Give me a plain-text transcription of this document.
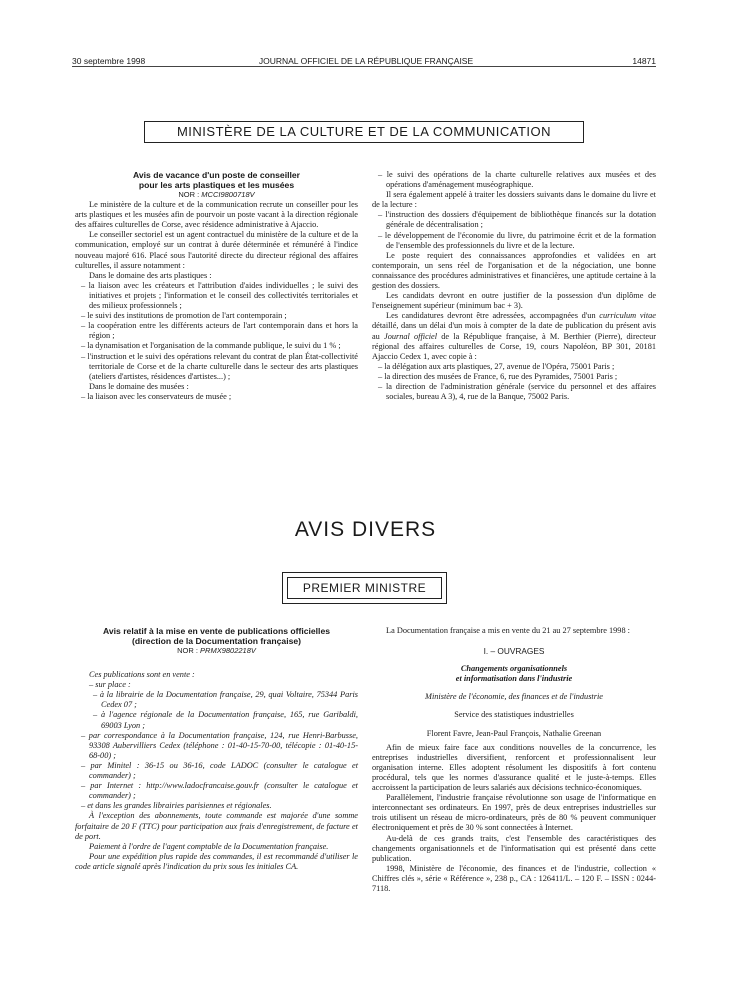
30 septembre 1998	JOURNAL OFFICIEL DE LA RÉPUBLIQUE FRANÇAISE	14871
MINISTÈRE DE LA CULTURE ET DE LA COMMUNICATION

Avis de vacance d'un poste de conseiller

pour les arts plastiques et les musées

NOR : MCCI9800718V

Le ministère de la culture et de la communication recrute un conseiller pour les arts plastiques et les musées afin de pourvoir un poste vacant à la direction régionale des affaires culturelles de Corse, avec résidence administrative à Ajaccio.

Le conseiller sectoriel est un agent contractuel du ministère de la culture et de la communication, employé sur un contrat à durée déterminée et rémunéré à l'indice nouveau majoré 616. Placé sous l'autorité directe du directeur régional des affaires culturelles, il assure notamment :

Dans le domaine des arts plastiques :

– la liaison avec les créateurs et l'attribution d'aides individuelles ; le suivi des initiatives et projets ; l'information et le conseil des collectivités territoriales et des milieux professionnels ;

– le suivi des institutions de promotion de l'art contemporain ;

– la coopération entre les différents acteurs de l'art contemporain dans et hors la région ;

– la dynamisation et l'organisation de la commande publique, le suivi du 1 % ;

– l'instruction et le suivi des opérations relevant du contrat de plan État-collectivité territoriale de Corse et de la charte culturelle dans le secteur des arts plastiques (ateliers d'artistes, résidences d'artistes...) ;

Dans le domaine des musées :

– la liaison avec les conservateurs de musée ;

– le suivi des opérations de la charte culturelle relatives aux musées et des opérations d'aménagement muséographique.

Il sera également appelé à traiter les dossiers suivants dans le domaine du livre et de la lecture :

– l'instruction des dossiers d'équipement de bibliothèque financés sur la dotation générale de décentralisation ;

– le développement de l'économie du livre, du patrimoine écrit et de la formation de l'ensemble des professionnels du livre et de la lecture.

Le poste requiert des connaissances approfondies et validées en art contemporain, un sens réel de l'organisation et de la négociation, une bonne connaissance des procédures administratives et financières, une aptitude certaine à la gestion des dossiers.

Les candidats devront en outre justifier de la possession d'un diplôme de l'enseignement supérieur (minimum bac + 3).

Les candidatures devront être adressées, accompagnées d'un curriculum vitae détaillé, dans un délai d'un mois à compter de la date de publication du présent avis au Journal officiel de la République française, à M. Berthier (Pierre), directeur régional des affaires culturelles de Corse, 19, cours Napoléon, BP 301, 20181 Ajaccio Cedex 1, avec copie à :

– la délégation aux arts plastiques, 27, avenue de l'Opéra, 75001 Paris ;

– la direction des musées de France, 6, rue des Pyramides, 75001 Paris ;

– la direction de l'administration générale (service du personnel et des affaires sociales, bureau A 3), 4, rue de la Banque, 75002 Paris.

AVIS DIVERS
PREMIER MINISTRE

Avis relatif à la mise en vente de publications officielles

(direction de la Documentation française)

NOR : PRMX9802218V

Ces publications sont en vente :

– sur place :

– à la librairie de la Documentation française, 29, quai Voltaire, 75344 Paris Cedex 07 ;

– à l'agence régionale de la Documentation française, 165, rue Garibaldi, 69003 Lyon ;

– par correspondance à la Documentation française, 124, rue Henri-Barbusse, 93308 Aubervilliers Cedex (téléphone : 01-40-15-70-00, télécopie : 01-40-15-68-00) ;

– par Minitel : 36-15 ou 36-16, code LADOC (consulter le catalogue et commander) ;

– par Internet : http://www.ladocfrancaise.gouv.fr (consulter le catalogue et commander) ;

– et dans les grandes librairies parisiennes et régionales.

À l'exception des abonnements, toute commande est majorée d'une somme forfaitaire de 20 F (TTC) pour participation aux frais d'enregistrement, de facture et de port.

Paiement à l'ordre de l'agent comptable de la Documentation française.

Pour une expédition plus rapide des commandes, il est recommandé d'utiliser le code article signalé après l'indication du prix sous les initiales CA.

La Documentation française a mis en vente du 21 au 27 septembre 1998 :

I. – OUVRAGES

Changements organisationnels

et informatisation dans l'industrie

Ministère de l'économie, des finances et de l'industrie

Service des statistiques industrielles

Florent Favre, Jean-Paul François, Nathalie Greenan

Afin de mieux faire face aux conditions nouvelles de la concurrence, les entreprises industrielles diversifient, renforcent et professionnalisent leur organisation interne. Elles adoptent résolument les dispositifs à fort contenu procédural, tels que les normes d'assurance qualité et le juste-à-temps. Elles accroissent la participation de leurs salariés aux décisions technico-économiques.

Parallèlement, l'industrie française révolutionne son usage de l'informatique en interconnectant ses ordinateurs. En 1997, près de deux entreprises industrielles sur trois utilisent un réseau de micro-ordinateurs, près de 80 % peuvent communiquer électroniquement et près de 30 % sont connectées à Internet.

Au-delà de ces grands traits, c'est l'ensemble des caractéristiques des changements organisationnels et de l'informatisation qui est présenté dans cette publication.

1998, Ministère de l'économie, des finances et de l'industrie, collection « Chiffres clés », série « Référence », 238 p., CA : 126411/L. – 120 F. – ISSN : 0244-7118.
